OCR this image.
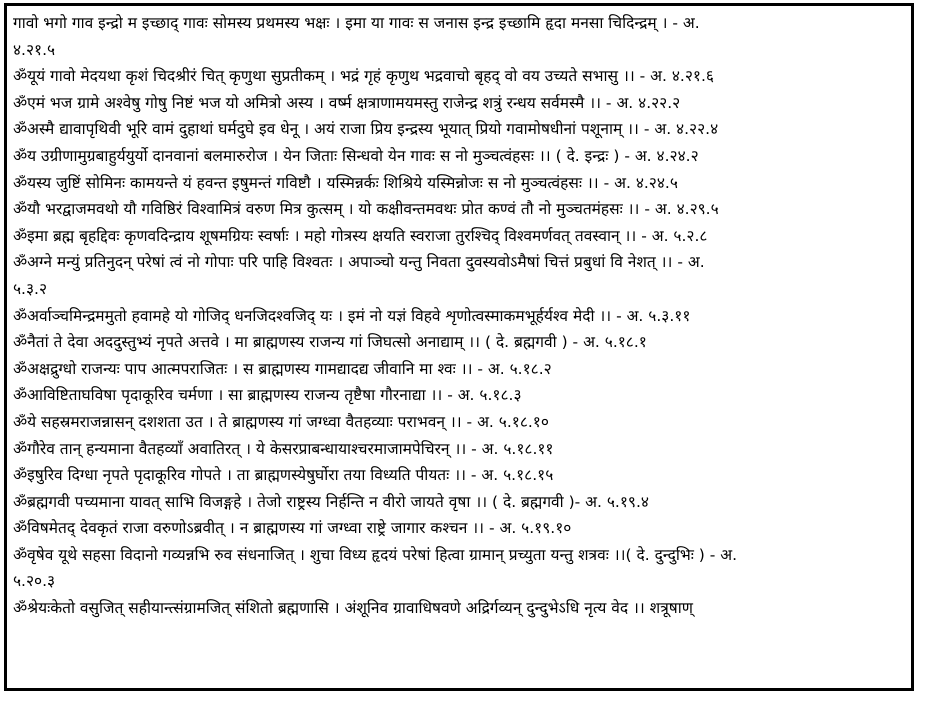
गावो भगो गाव इन्द्रो म इच्छाद् गावः सोमस्य प्रथमस्य भक्षः । इमा या गावः स जनास इन्द्र इच्छामि हृदा मनसा चिदिन्द्रम् । - अ.
४.२१.५
ॐयूयं गावो मेदयथा कृशं चिदश्रीरं चित् कृणुथा सुप्रतीकम् । भद्रं गृहं कृणुथ भद्रवाचो बृहद् वो वय उच्यते सभासु ।। - अ. ४.२१.६
ॐएमं भज ग्रामे अश्वेषु गोषु निष्टं भज यो अमित्रो अस्य । वर्ष्म क्षत्राणामयमस्तु राजेन्द्र शत्रुं रन्धय सर्वमस्मै ।। - अ. ४.२२.२
ॐअस्मै द्यावापृथिवी भूरि वामं दुहाथां घर्मदुघे इव धेनू । अयं राजा प्रिय इन्द्रस्य भूयात् प्रियो गवामोषधीनां पशूनाम् ।। - अ. ४.२२.४
ॐय उग्रीणामुग्रबाहुर्ययुर्यो दानवानां बलमारुरोज । येन जिताः सिन्धवो येन गावः स नो मुञ्चत्वंहसः ।। ( दे. इन्द्रः ) - अ. ४.२४.२
ॐयस्य जुष्टिं सोमिनः कामयन्ते यं हवन्त इषुमन्तं गविष्टौ । यस्मिन्नर्कः शिश्रिये यस्मिन्नोजः स नो मुञ्चत्वंहसः ।। - अ. ४.२४.५
ॐयौ भरद्वाजमवथो यौ गविष्ठिरं विश्वामित्रं वरुण मित्र कुत्सम् । यो कक्षीवन्तमवथः प्रोत कण्वं तौ नो मुञ्चतमंहसः ।। - अ. ४.२९.५
ॐइमा ब्रह्म बृहद्दिवः कृणवदिन्द्राय शूषमग्रियः स्वर्षाः । महो गोत्रस्य क्षयति स्वराजा तुरश्चिद् विश्वमर्णवत् तवस्वान् ।। - अ. ५.२.८
ॐअग्ने मन्युं प्रतिनुदन् परेषां त्वं नो गोपाः परि पाहि विश्वतः । अपाञ्चो यन्तु निवता दुवस्यवोऽमैषां चित्तं प्रबुधां वि नेशत् ।। - अ.
५.३.२
ॐअर्वाञ्चमिन्द्रममुतो हवामहे यो गोजिद् धनजिदश्वजिद् यः । इमं नो यज्ञं विहवे शृणोत्वस्माकमभूर्हर्यश्व मेदी ।। - अ. ५.३.११
ॐनैतां ते देवा अददुस्तुभ्यं नृपते अत्तवे । मा ब्राह्मणस्य राजन्य गां जिघत्सो अनाद्याम् ।। ( दे. ब्रह्मगवी ) - अ. ५.१८.१
ॐअक्षद्रुग्धो राजन्यः पाप आत्मपराजितः । स ब्राह्मणस्य गामद्यादद्य जीवानि मा श्वः ।। - अ. ५.१८.२
ॐआविष्टिताघविषा पृदाकूरिव चर्मणा । सा ब्राह्मणस्य राजन्य तृष्टैषा गौरनाद्या ।। - अ. ५.१८.३
ॐये सहस्रमराजन्नासन् दशशता उत । ते ब्राह्मणस्य गां जग्ध्वा वैतहव्याः पराभवन् ।। - अ. ५.१८.१०
ॐगौरेव तान् हन्यमाना वैतहव्याँ अवातिरत् । ये केसरप्राबन्धायाश्चरमाजामपेचिरन् ।। - अ. ५.१८.११
ॐइषुरिव दिग्धा नृपते पृदाकूरिव गोपते । ता ब्राह्मणस्येषुर्घोरा तया विध्यति पीयतः ।। - अ. ५.१८.१५
ॐब्रह्मगवी पच्यमाना यावत् साभि विजङ्गहे । तेजो राष्ट्रस्य निर्हन्ति न वीरो जायते वृषा ।। ( दे. ब्रह्मगवी )- अ. ५.१९.४
ॐविषमेतद् देवकृतं राजा वरुणोऽब्रवीत् । न ब्राह्मणस्य गां जग्ध्वा राष्ट्रे जागार कश्चन ।। - अ. ५.१९.१०
ॐवृषेव यूथे सहसा विदानो गव्यन्नभि रुव संधनाजित् । शुचा विध्य हृदयं परेषां हित्वा ग्रामान् प्रच्युता यन्तु शत्रवः ।।( दे. दुन्दुभिः ) - अ.
५.२०.३
ॐश्रेयःकेतो वसुजित् सहीयान्त्संग्रामजित् संशितो ब्रह्मणासि । अंशूनिव ग्रावाधिषवणे अद्रिर्गव्यन् दुन्दुभेऽधि नृत्य वेद ।। शत्रूषाण्
